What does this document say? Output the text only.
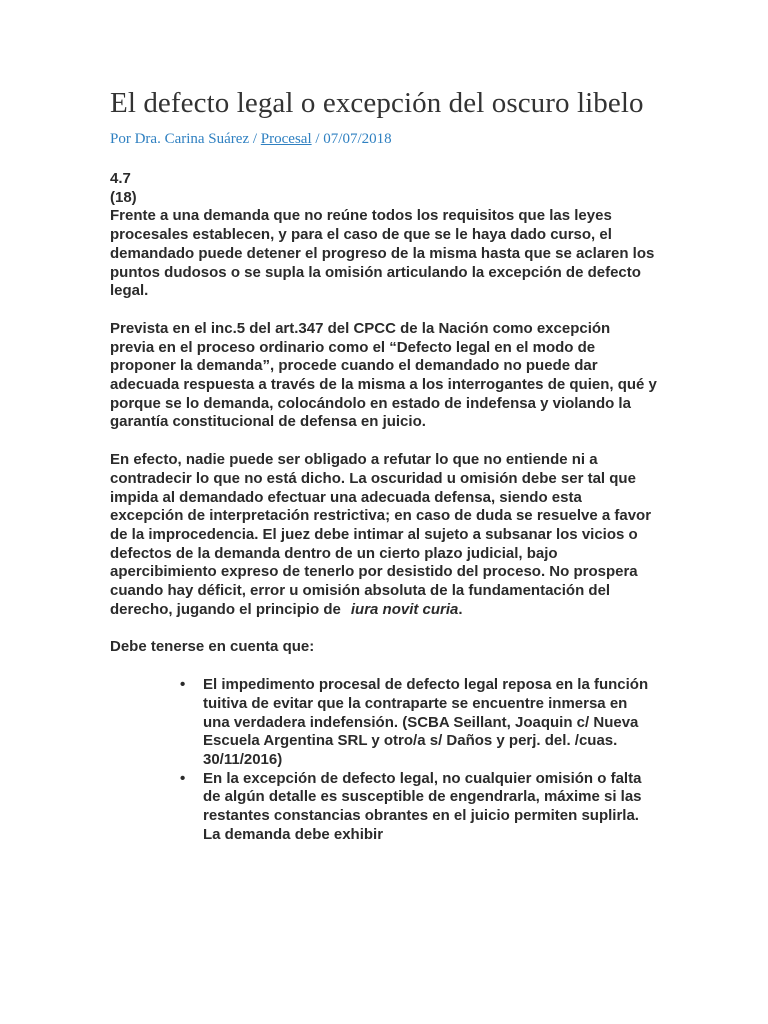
El defecto legal o excepción del oscuro libelo
Por Dra. Carina Suárez / Procesal / 07/07/2018
4.7
(18)

Frente a una demanda que no reúne todos los requisitos que las leyes procesales establecen, y para el caso de que se le haya dado curso, el demandado puede detener el progreso de la misma hasta que se aclaren los puntos dudosos o se supla la omisión articulando la excepción de defecto legal.

Prevista en el inc.5 del art.347 del CPCC de la Nación como excepción previa en el proceso ordinario como el “Defecto legal en el modo de proponer la demanda”, procede cuando el demandado no puede dar adecuada respuesta a través de la misma a los interrogantes de quien, qué y porque se lo demanda, colocándolo en estado de indefensa y violando la garantía constitucional de defensa en juicio.

En efecto, nadie puede ser obligado a refutar lo que no entiende ni a contradecir lo que no está dicho. La oscuridad u omisión debe ser tal que impida al demandado efectuar una adecuada defensa, siendo esta excepción de interpretación restrictiva; en caso de duda se resuelve a favor de la improcedencia. El juez debe intimar al sujeto a subsanar los vicios o defectos de la demanda dentro de un cierto plazo judicial, bajo apercibimiento expreso de tenerlo por desistido del proceso. No prospera cuando hay déficit, error u omisión absoluta de la fundamentación del derecho, jugando el principio de iura novit curia.

Debe tenerse en cuenta que:

• El impedimento procesal de defecto legal reposa en la función tuitiva de evitar que la contraparte se encuentre inmersa en una verdadera indefensión. (SCBA Seillant, Joaquin c/ Nueva Escuela Argentina SRL y otro/a s/ Daños y perj. del. /cuas. 30/11/2016)
• En la excepción de defecto legal, no cualquier omisión o falta de algún detalle es susceptible de engendrarla, máxime si las restantes constancias obrantes en el juicio permiten suplirla. La demanda debe exhibir
